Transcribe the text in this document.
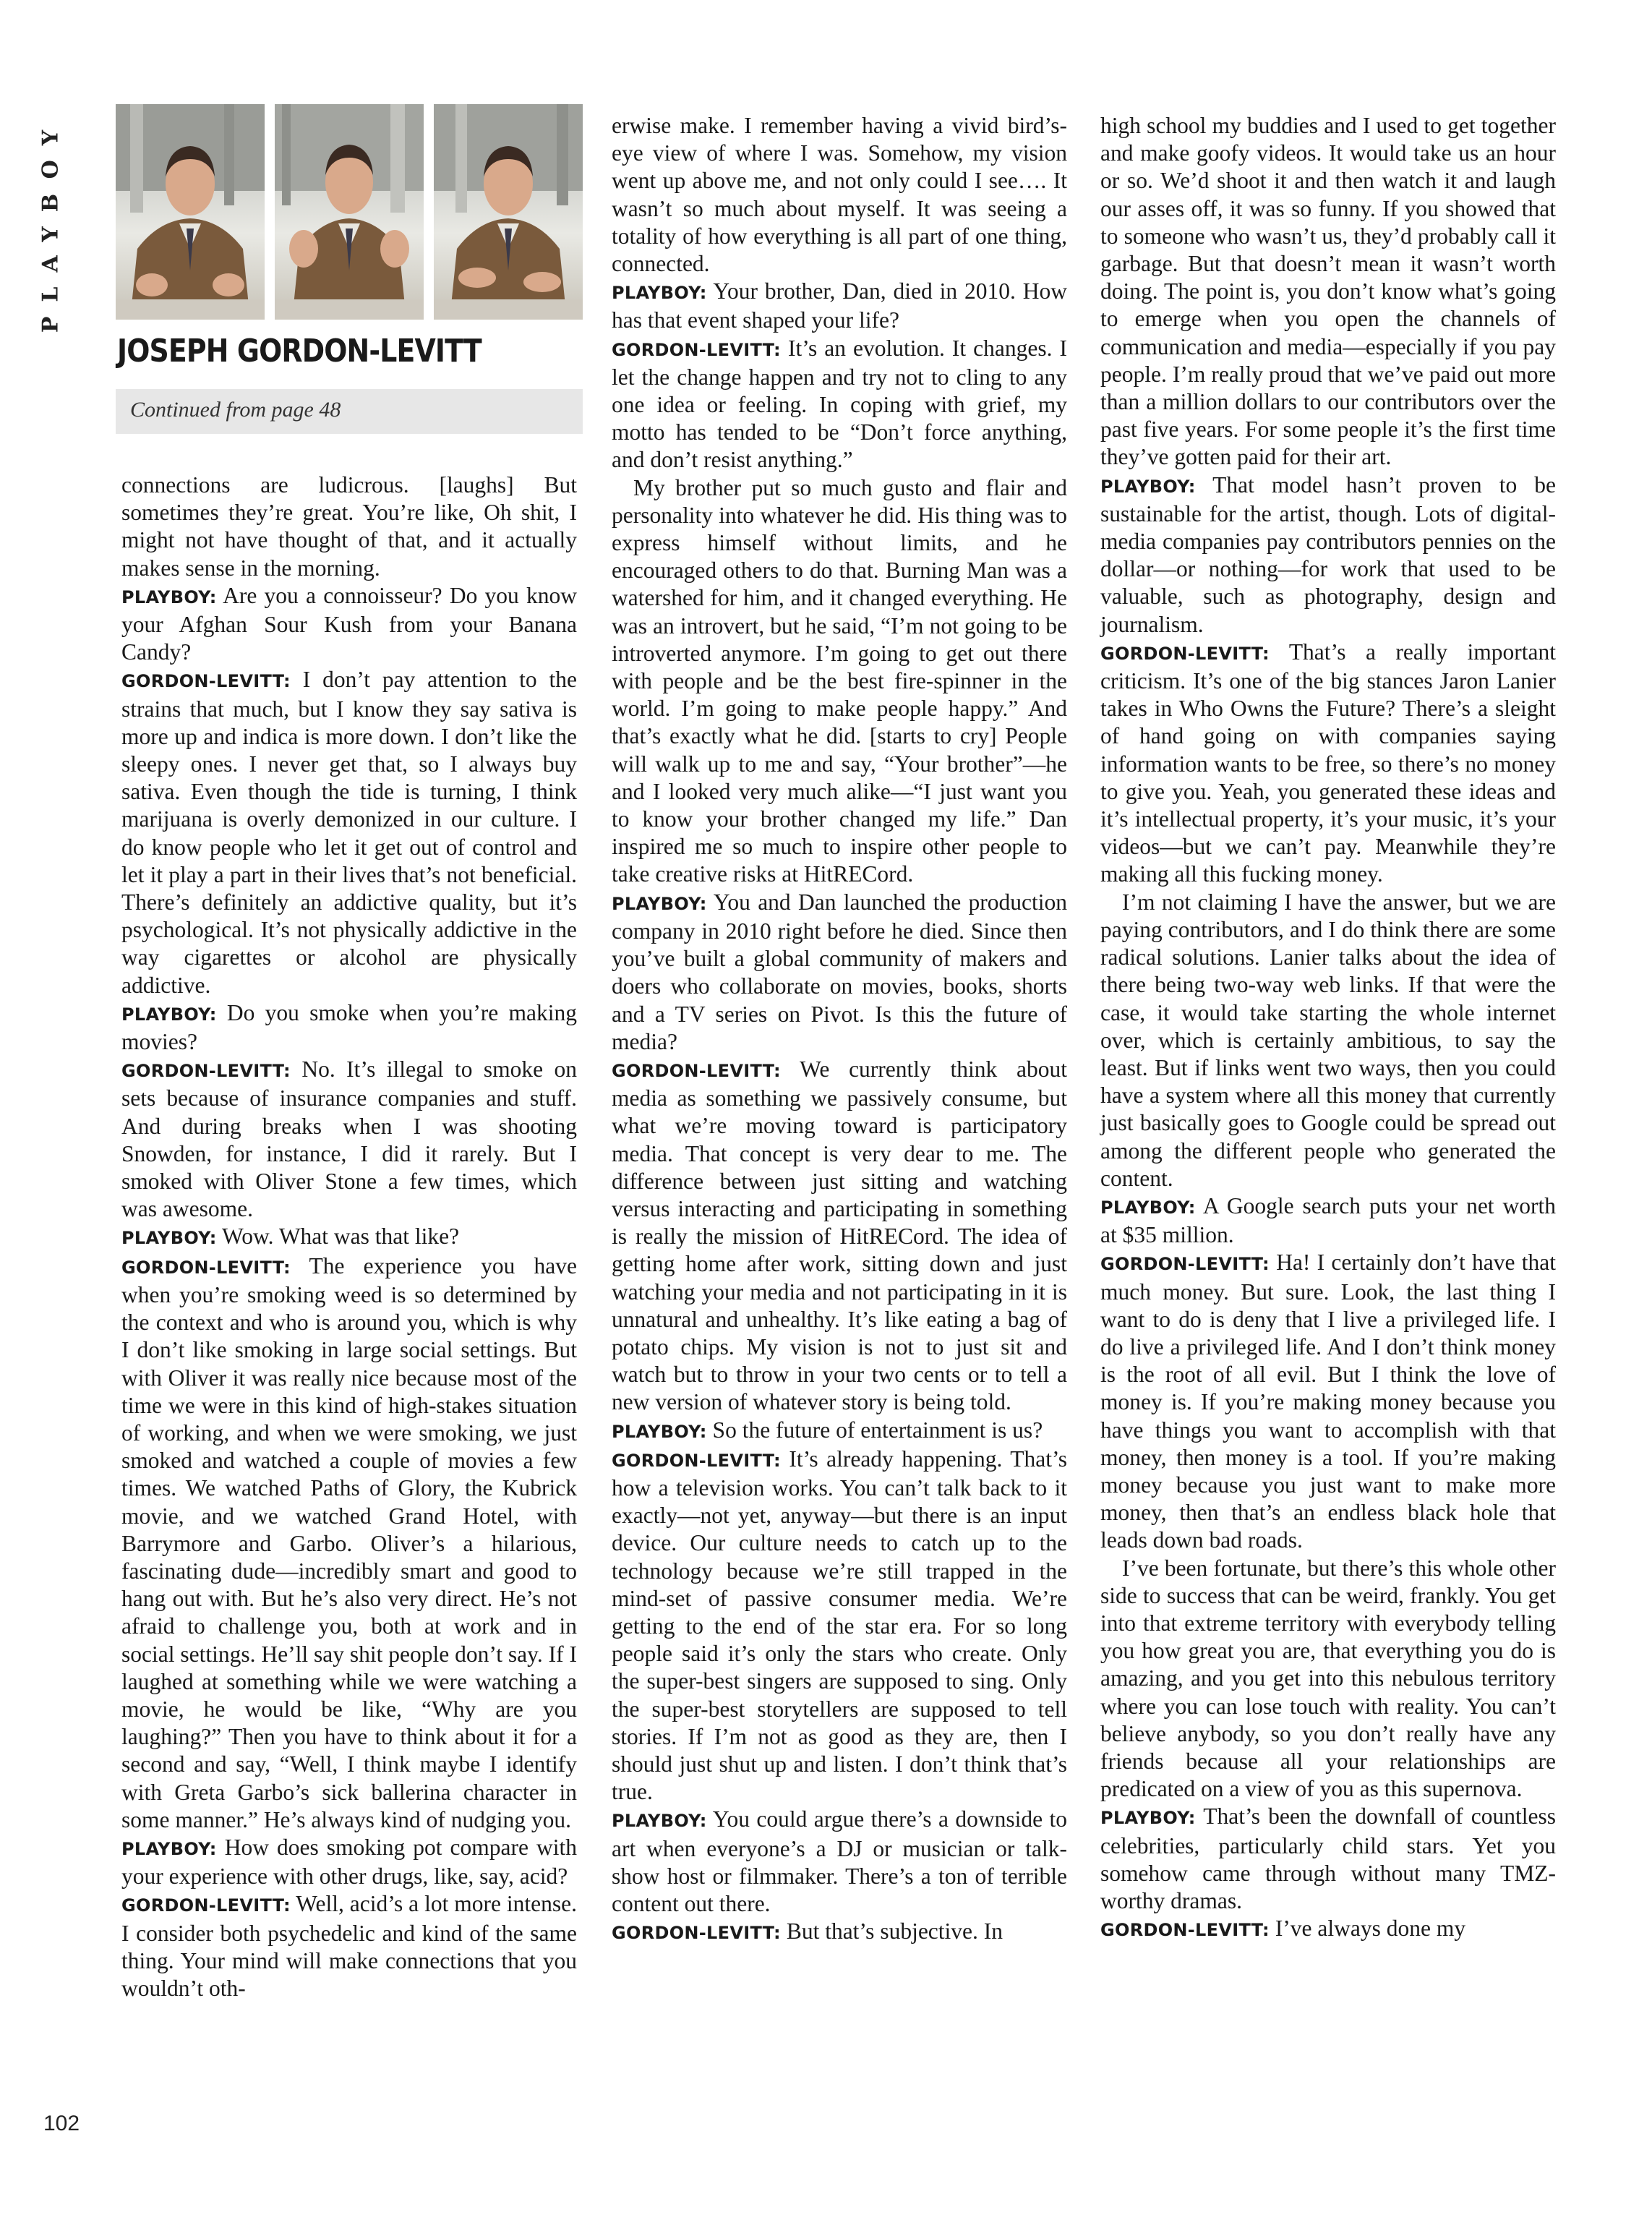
PLAYBOY
JOSEPH GORDON-LEVITT
Continued from page 48

connections are ludicrous. [laughs] But sometimes they’re great. You’re like, Oh shit, I might not have thought of that, and it actually makes sense in the morning.

PLAYBOY: Are you a connoisseur? Do you know your Afghan Sour Kush from your Banana Candy?

GORDON-LEVITT: I don’t pay attention to the strains that much, but I know they say sativa is more up and indica is more down. I don’t like the sleepy ones. I never get that, so I always buy sativa. Even though the tide is turning, I think marijuana is overly demonized in our culture. I do know people who let it get out of control and let it play a part in their lives that’s not beneficial. There’s definitely an addictive quality, but it’s psychological. It’s not physically addictive in the way cigarettes or alcohol are physically addictive.

PLAYBOY: Do you smoke when you’re making movies?

GORDON-LEVITT: No. It’s illegal to smoke on sets because of insurance companies and stuff. And during breaks when I was shooting Snowden, for instance, I did it rarely. But I smoked with Oliver Stone a few times, which was awesome.

PLAYBOY: Wow. What was that like?

GORDON-LEVITT: The experience you have when you’re smoking weed is so determined by the context and who is around you, which is why I don’t like smoking in large social settings. But with Oliver it was really nice because most of the time we were in this kind of high-stakes situation of working, and when we were smoking, we just smoked and watched a couple of movies a few times. We watched Paths of Glory, the Kubrick movie, and we watched Grand Hotel, with Barrymore and Garbo. Oliver’s a hilarious, fascinating dude—incredibly smart and good to hang out with. But he’s also very direct. He’s not afraid to challenge you, both at work and in social settings. He’ll say shit people don’t say. If I laughed at something while we were watching a movie, he would be like, “Why are you laughing?” Then you have to think about it for a second and say, “Well, I think maybe I identify with Greta Garbo’s sick ballerina character in some manner.” He’s always kind of nudging you.

PLAYBOY: How does smoking pot compare with your experience with other drugs, like, say, acid?

GORDON-LEVITT: Well, acid’s a lot more intense. I consider both psychedelic and kind of the same thing. Your mind will make connections that you wouldn’t oth-

erwise make. I remember having a vivid bird’s-eye view of where I was. Somehow, my vision went up above me, and not only could I see…. It wasn’t so much about myself. It was seeing a totality of how everything is all part of one thing, connected.

PLAYBOY: Your brother, Dan, died in 2010. How has that event shaped your life?

GORDON-LEVITT: It’s an evolution. It changes. I let the change happen and try not to cling to any one idea or feeling. In coping with grief, my motto has tended to be “Don’t force anything, and don’t resist anything.”

My brother put so much gusto and flair and personality into whatever he did. His thing was to express himself without limits, and he encouraged others to do that. Burning Man was a watershed for him, and it changed everything. He was an introvert, but he said, “I’m not going to be introverted anymore. I’m going to get out there with people and be the best fire-spinner in the world. I’m going to make people happy.” And that’s exactly what he did. [starts to cry] People will walk up to me and say, “Your brother”—he and I looked very much alike—“I just want you to know your brother changed my life.” Dan inspired me so much to inspire other people to take creative risks at HitRECord.

PLAYBOY: You and Dan launched the production company in 2010 right before he died. Since then you’ve built a global community of makers and doers who collaborate on movies, books, shorts and a TV series on Pivot. Is this the future of media?

GORDON-LEVITT: We currently think about media as something we passively consume, but what we’re moving toward is participatory media. That concept is very dear to me. The difference between just sitting and watching versus interacting and participating in something is really the mission of HitRECord. The idea of getting home after work, sitting down and just watching your media and not participating in it is unnatural and unhealthy. It’s like eating a bag of potato chips. My vision is not to just sit and watch but to throw in your two cents or to tell a new version of whatever story is being told.

PLAYBOY: So the future of entertainment is us?

GORDON-LEVITT: It’s already happening. That’s how a television works. You can’t talk back to it exactly—not yet, anyway—but there is an input device. Our culture needs to catch up to the technology because we’re still trapped in the mind-set of passive consumer media. We’re getting to the end of the star era. For so long people said it’s only the stars who create. Only the super-best singers are supposed to sing. Only the super-best storytellers are supposed to tell stories. If I’m not as good as they are, then I should just shut up and listen. I don’t think that’s true.

PLAYBOY: You could argue there’s a downside to art when everyone’s a DJ or musician or talk-show host or filmmaker. There’s a ton of terrible content out there.

GORDON-LEVITT: But that’s subjective. In

high school my buddies and I used to get together and make goofy videos. It would take us an hour or so. We’d shoot it and then watch it and laugh our asses off, it was so funny. If you showed that to someone who wasn’t us, they’d probably call it garbage. But that doesn’t mean it wasn’t worth doing. The point is, you don’t know what’s going to emerge when you open the channels of communication and media—especially if you pay people. I’m really proud that we’ve paid out more than a million dollars to our contributors over the past five years. For some people it’s the first time they’ve gotten paid for their art.

PLAYBOY: That model hasn’t proven to be sustainable for the artist, though. Lots of digital-media companies pay contributors pennies on the dollar—or nothing—for work that used to be valuable, such as photography, design and journalism.

GORDON-LEVITT: That’s a really important criticism. It’s one of the big stances Jaron Lanier takes in Who Owns the Future? There’s a sleight of hand going on with companies saying information wants to be free, so there’s no money to give you. Yeah, you generated these ideas and it’s intellectual property, it’s your music, it’s your videos—but we can’t pay. Meanwhile they’re making all this fucking money.

I’m not claiming I have the answer, but we are paying contributors, and I do think there are some radical solutions. Lanier talks about the idea of there being two-way web links. If that were the case, it would take starting the whole internet over, which is certainly ambitious, to say the least. But if links went two ways, then you could have a system where all this money that currently just basically goes to Google could be spread out among the different people who generated the content.

PLAYBOY: A Google search puts your net worth at $35 million.

GORDON-LEVITT: Ha! I certainly don’t have that much money. But sure. Look, the last thing I want to do is deny that I live a privileged life. I do live a privileged life. And I don’t think money is the root of all evil. But I think the love of money is. If you’re making money because you have things you want to accomplish with that money, then money is a tool. If you’re making money because you just want to make more money, then that’s an endless black hole that leads down bad roads.

I’ve been fortunate, but there’s this whole other side to success that can be weird, frankly. You get into that extreme territory with everybody telling you how great you are, that everything you do is amazing, and you get into this nebulous territory where you can lose touch with reality. You can’t believe anybody, so you don’t really have any friends because all your relationships are predicated on a view of you as this supernova.

PLAYBOY: That’s been the downfall of countless celebrities, particularly child stars. Yet you somehow came through without many TMZ-worthy dramas.

GORDON-LEVITT: I’ve always done my

102
